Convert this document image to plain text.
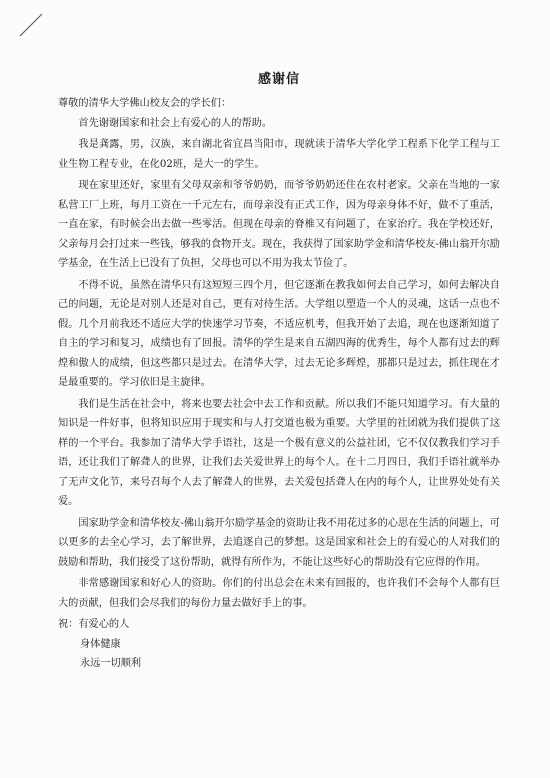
感谢信

尊敬的清华大学佛山校友会的学长们：

首先谢谢国家和社会上有爱心的人的帮助。

我是龚露，男，汉族，来自湖北省宜昌当阳市，现就读于清华大学化学工程系下化学工程与工业生物工程专业，在化02班，是大一的学生。

现在家里还好，家里有父母双亲和爷爷奶奶，而爷爷奶奶还住在农村老家。父亲在当地的一家私营工厂上班，每月工资在一千元左右，而母亲没有正式工作，因为母亲身体不好，做不了重活，一直在家，有时候会出去做一些零活。但现在母亲的脊椎又有问题了，在家治疗。我在学校还好，父亲每月会打过来一些钱，够我的食物开支。现在，我获得了国家助学金和清华校友-佛山翁开尔励学基金，在生活上已没有了负担，父母也可以不用为我太节俭了。

不得不说，虽然在清华只有这短短三四个月，但它逐渐在教我如何去自己学习，如何去解决自己的问题，无论是对别人还是对自己，更有对待生活。大学组以塑造一个人的灵魂，这话一点也不假。几个月前我还不适应大学的快速学习节奏，不适应机考，但我开始了去追，现在也逐渐知道了自主的学习和复习，成绩也有了回报。清华的学生是来自五湖四海的优秀生，每个人都有过去的辉煌和傲人的成绩，但这些都只是过去。在清华大学，过去无论多辉煌，那都只是过去，抓住现在才是最重要的。学习依旧是主旋律。

我们是生活在社会中，将来也要去社会中去工作和贡献。所以我们不能只知道学习。有大量的知识是一件好事，但将知识应用于现实和与人打交道也极为重要。大学里的社团就为我们提供了这样的一个平台。我参加了清华大学手语社，这是一个极有意义的公益社团，它不仅仅教我们学习手语，还让我们了解聋人的世界，让我们去关爱世界上的每个人。在十二月四日，我们手语社就举办了无声文化节，来号召每个人去了解聋人的世界，去关爱包括聋人在内的每个人，让世界处处有关爱。

国家助学金和清华校友-佛山翁开尔励学基金的资助让我不用花过多的心思在生活的问题上，可以更多的去全心学习，去了解世界，去追逐自己的梦想。这是国家和社会上的有爱心的人对我们的鼓励和帮助，我们接受了这份帮助，就得有所作为，不能让这些好心的帮助没有它应得的作用。

非常感谢国家和好心人的资助。你们的付出总会在未来有回报的，也许我们不会每个人都有巨大的贡献，但我们会尽我们的每份力量去做好手上的事。

祝：有爱心的人
身体健康
永远一切顺利
